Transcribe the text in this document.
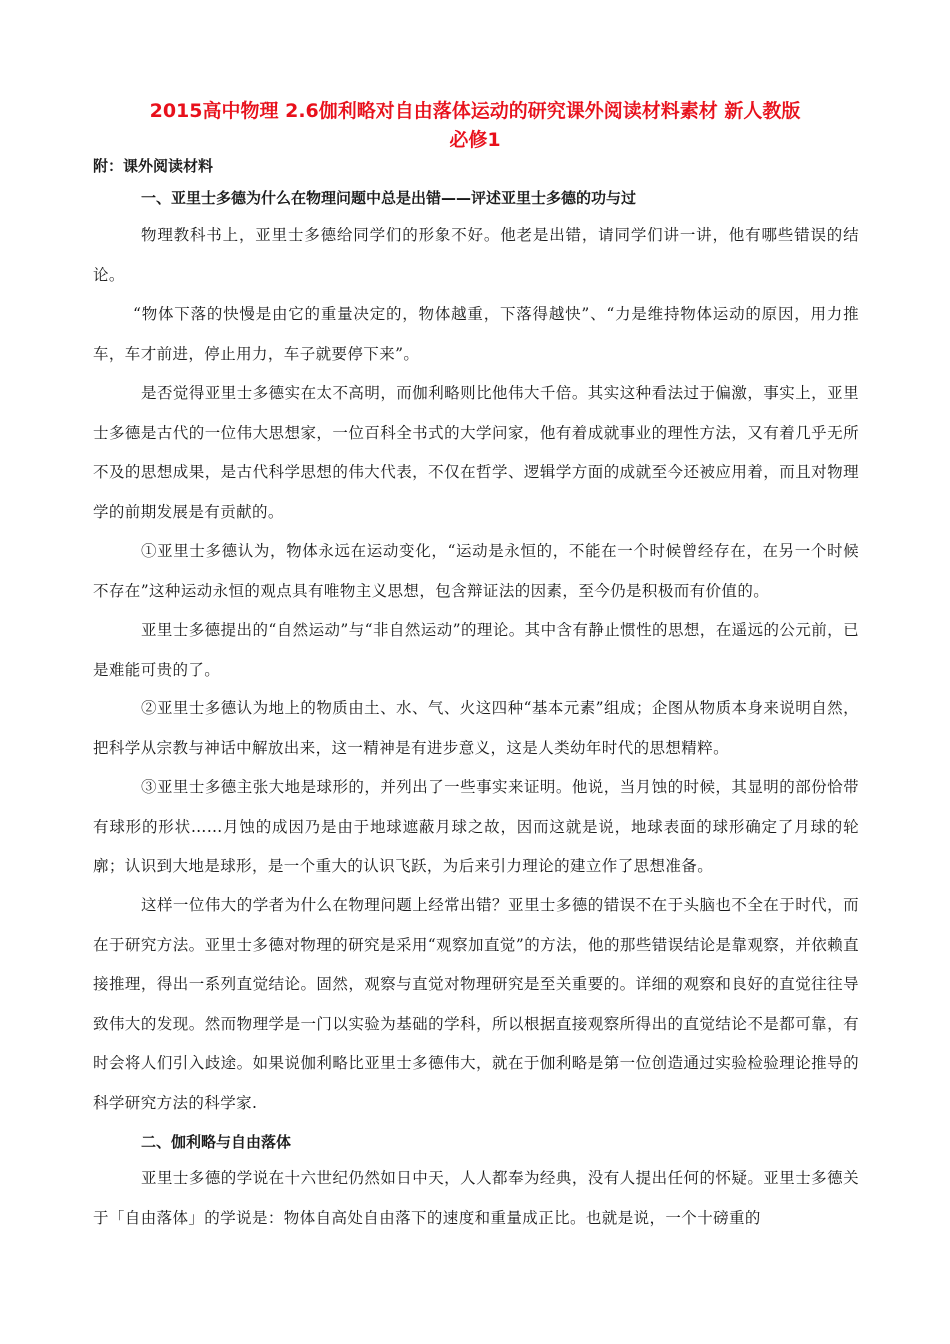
2015高中物理 2.6伽利略对自由落体运动的研究课外阅读材料素材 新人教版
必修1
附：课外阅读材料
一、亚里士多德为什么在物理问题中总是出错——评述亚里士多德的功与过

物理教科书上，亚里士多德给同学们的形象不好。他老是出错，请同学们讲一讲，他有哪些错误的结论。

“物体下落的快慢是由它的重量决定的，物体越重，下落得越快”、“力是维持物体运动的原因，用力推车，车才前进，停止用力，车子就要停下来”。

是否觉得亚里士多德实在太不高明，而伽利略则比他伟大千倍。其实这种看法过于偏激，事实上，亚里士多德是古代的一位伟大思想家，一位百科全书式的大学问家，他有着成就事业的理性方法，又有着几乎无所不及的思想成果，是古代科学思想的伟大代表，不仅在哲学、逻辑学方面的成就至今还被应用着，而且对物理学的前期发展是有贡献的。

①亚里士多德认为，物体永远在运动变化，“运动是永恒的，不能在一个时候曾经存在，在另一个时候不存在”这种运动永恒的观点具有唯物主义思想，包含辩证法的因素，至今仍是积极而有价值的。

亚里士多德提出的“自然运动”与“非自然运动”的理论。其中含有静止惯性的思想，在遥远的公元前，已是难能可贵的了。

②亚里士多德认为地上的物质由土、水、气、火这四种“基本元素”组成；企图从物质本身来说明自然，把科学从宗教与神话中解放出来，这一精神是有进步意义，这是人类幼年时代的思想精粹。

③亚里士多德主张大地是球形的，并列出了一些事实来证明。他说，当月蚀的时候，其显明的部份恰带有球形的形状……月蚀的成因乃是由于地球遮蔽月球之故，因而这就是说，地球表面的球形确定了月球的轮廓；认识到大地是球形，是一个重大的认识飞跃，为后来引力理论的建立作了思想准备。

这样一位伟大的学者为什么在物理问题上经常出错？亚里士多德的错误不在于头脑也不全在于时代，而在于研究方法。亚里士多德对物理的研究是采用“观察加直觉”的方法，他的那些错误结论是靠观察，并依赖直接推理，得出一系列直觉结论。固然，观察与直觉对物理研究是至关重要的。详细的观察和良好的直觉往往导致伟大的发现。然而物理学是一门以实验为基础的学科，所以根据直接观察所得出的直觉结论不是都可靠，有时会将人们引入歧途。如果说伽利略比亚里士多德伟大，就在于伽利略是第一位创造通过实验检验理论推导的科学研究方法的科学家.

二、伽利略与自由落体

亚里士多德的学说在十六世纪仍然如日中天，人人都奉为经典，没有人提出任何的怀疑。亚里士多德关于「自由落体」的学说是：物体自高处自由落下的速度和重量成正比。也就是说，一个十磅重的
